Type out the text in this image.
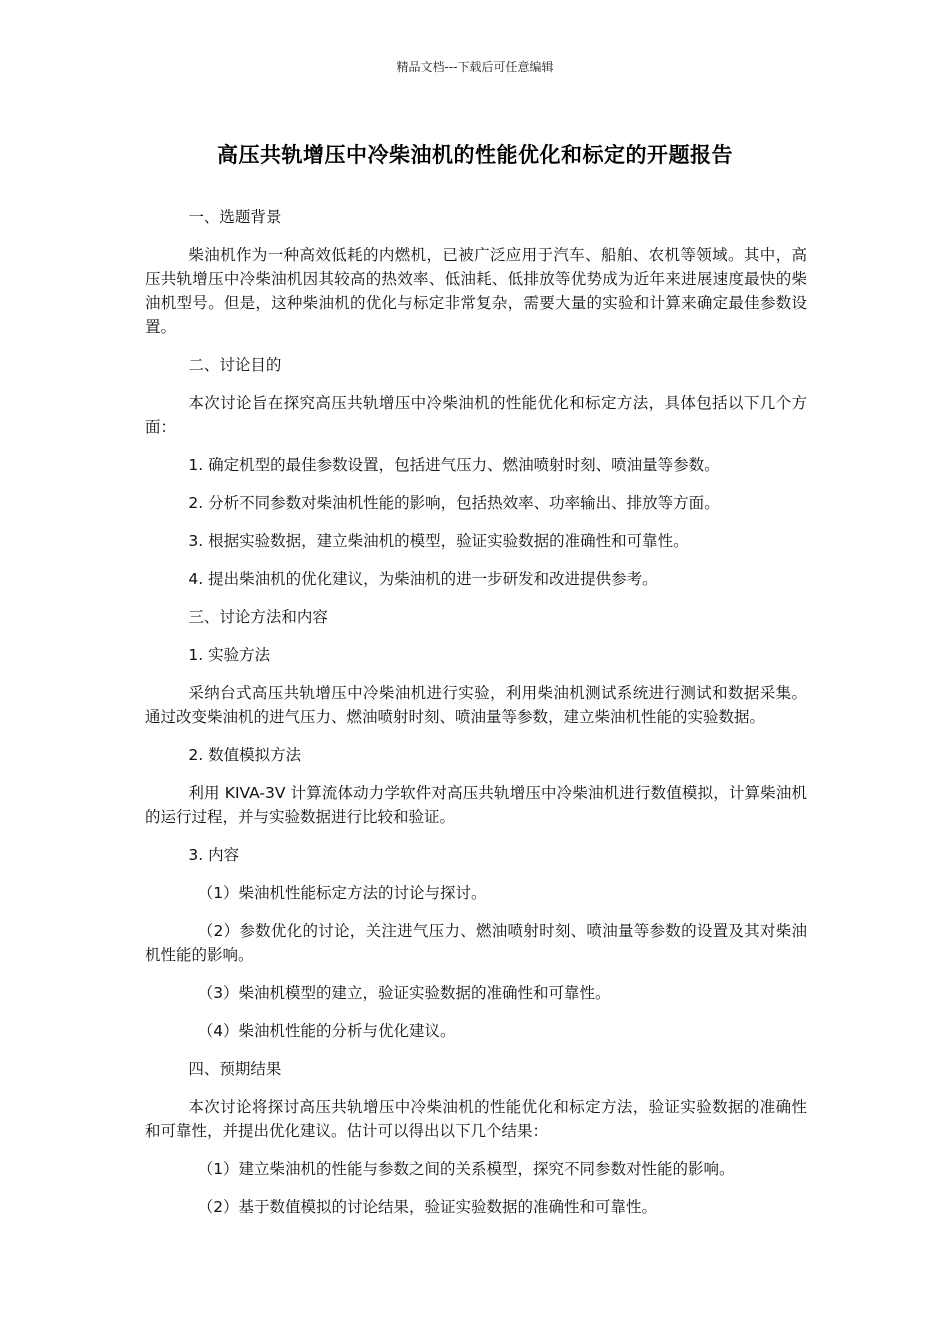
精品文档---下载后可任意编辑
高压共轨增压中冷柴油机的性能优化和标定的开题报告
一、选题背景
柴油机作为一种高效低耗的内燃机，已被广泛应用于汽车、船舶、农机等领域。其中，高压共轨增压中冷柴油机因其较高的热效率、低油耗、低排放等优势成为近年来进展速度最快的柴油机型号。但是，这种柴油机的优化与标定非常复杂，需要大量的实验和计算来确定最佳参数设置。
二、讨论目的
本次讨论旨在探究高压共轨增压中冷柴油机的性能优化和标定方法，具体包括以下几个方面：
1. 确定机型的最佳参数设置，包括进气压力、燃油喷射时刻、喷油量等参数。
2. 分析不同参数对柴油机性能的影响，包括热效率、功率输出、排放等方面。
3. 根据实验数据，建立柴油机的模型，验证实验数据的准确性和可靠性。
4. 提出柴油机的优化建议，为柴油机的进一步研发和改进提供参考。
三、讨论方法和内容
1. 实验方法
采纳台式高压共轨增压中冷柴油机进行实验，利用柴油机测试系统进行测试和数据采集。通过改变柴油机的进气压力、燃油喷射时刻、喷油量等参数，建立柴油机性能的实验数据。
2. 数值模拟方法
利用 KIVA-3V 计算流体动力学软件对高压共轨增压中冷柴油机进行数值模拟，计算柴油机的运行过程，并与实验数据进行比较和验证。
3. 内容
（1）柴油机性能标定方法的讨论与探讨。
（2）参数优化的讨论，关注进气压力、燃油喷射时刻、喷油量等参数的设置及其对柴油机性能的影响。
（3）柴油机模型的建立，验证实验数据的准确性和可靠性。
（4）柴油机性能的分析与优化建议。
四、预期结果
本次讨论将探讨高压共轨增压中冷柴油机的性能优化和标定方法，验证实验数据的准确性和可靠性，并提出优化建议。估计可以得出以下几个结果：
（1）建立柴油机的性能与参数之间的关系模型，探究不同参数对性能的影响。
（2）基于数值模拟的讨论结果，验证实验数据的准确性和可靠性。
